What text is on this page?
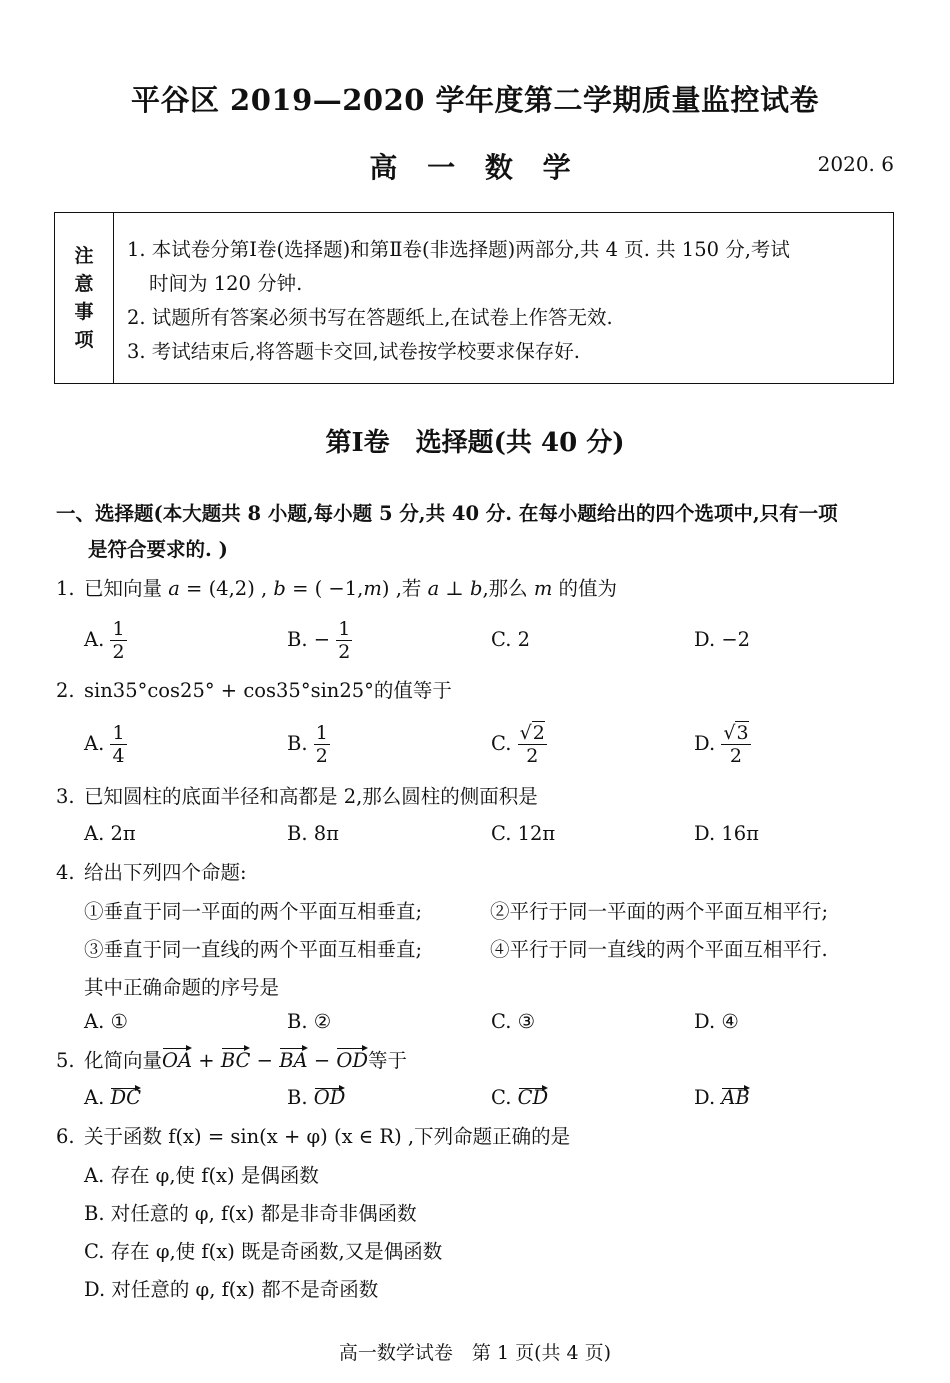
平谷区 2019—2020 学年度第二学期质量监控试卷
高 一 数 学	2020. 6
注
意
事
项
1. 本试卷分第Ⅰ卷(选择题)和第Ⅱ卷(非选择题)两部分,共 4 页. 共 150 分,考试
时间为 120 分钟.
2. 试题所有答案必须书写在答题纸上,在试卷上作答无效.
3. 考试结束后,将答题卡交回,试卷按学校要求保存好.
第Ⅰ卷　选择题(共 40 分)
一、选择题(本大题共 8 小题,每小题 5 分,共 40 分. 在每小题给出的四个选项中,只有一项
是符合要求的. )
1. 已知向量 a = (4,2) , b = ( −1,m) ,若 a ⊥ b,那么 m 的值为
A. $\frac{1}{2}$	B. − $\frac{1}{2}$	C. 2	D. −2
2. sin35°cos25° + cos35°sin25°的值等于
A. $\frac{1}{4}$	B. $\frac{1}{2}$	C. $\frac{√2}{2}$	D. $\frac{√3}{2}$
3. 已知圆柱的底面半径和高都是 2,那么圆柱的侧面积是
A. 2π	B. 8π	C. 12π	D. 16π
4. 给出下列四个命题:
①垂直于同一平面的两个平面互相垂直;	②平行于同一平面的两个平面互相平行;
③垂直于同一直线的两个平面互相垂直;	④平行于同一直线的两个平面互相平行.
其中正确命题的序号是
A. ①	B. ②	C. ③	D. ④
5. 化简向量OA + BC − BA − OD等于
A. DC	B. OD	C. CD	D. AB
6. 关于函数 f(x) = sin(x + φ) (x ∈ R) ,下列命题正确的是
A. 存在 φ,使 f(x) 是偶函数
B. 对任意的 φ, f(x) 都是非奇非偶函数
C. 存在 φ,使 f(x) 既是奇函数,又是偶函数
D. 对任意的 φ, f(x) 都不是奇函数
高一数学试卷　第 1 页(共 4 页)
